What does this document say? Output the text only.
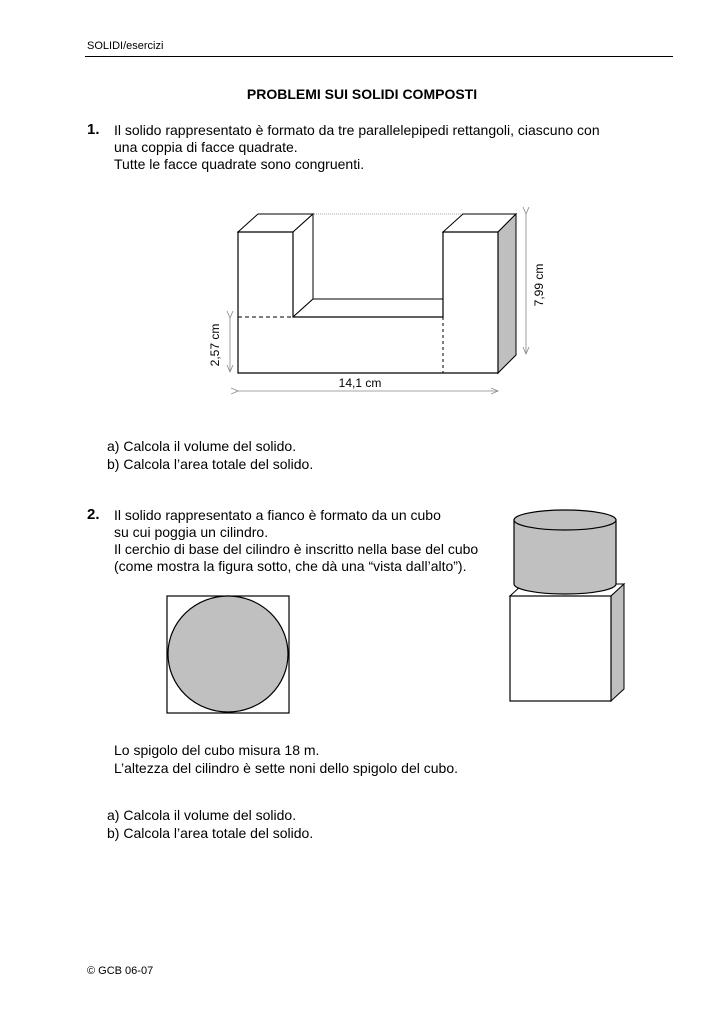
SOLIDI/esercizi
PROBLEMI SUI SOLIDI COMPOSTI
1. Il solido rappresentato è formato da tre parallelepipedi rettangoli, ciascuno con
una coppia di facce quadrate.
Tutte le facce quadrate sono congruenti.
14,1 cm
7,99 cm
2,57 cm
a) Calcola il volume del solido.
b) Calcola l’area totale del solido.
2. Il solido rappresentato a fianco è formato da un cubo
su cui poggia un cilindro.
Il cerchio di base del cilindro è inscritto nella base del cubo
(come mostra la figura sotto, che dà una “vista dall’alto”).
Lo spigolo del cubo misura 18 m.
L’altezza del cilindro è sette noni dello spigolo del cubo.
a) Calcola il volume del solido.
b) Calcola l’area totale del solido.
© GCB 06-07
